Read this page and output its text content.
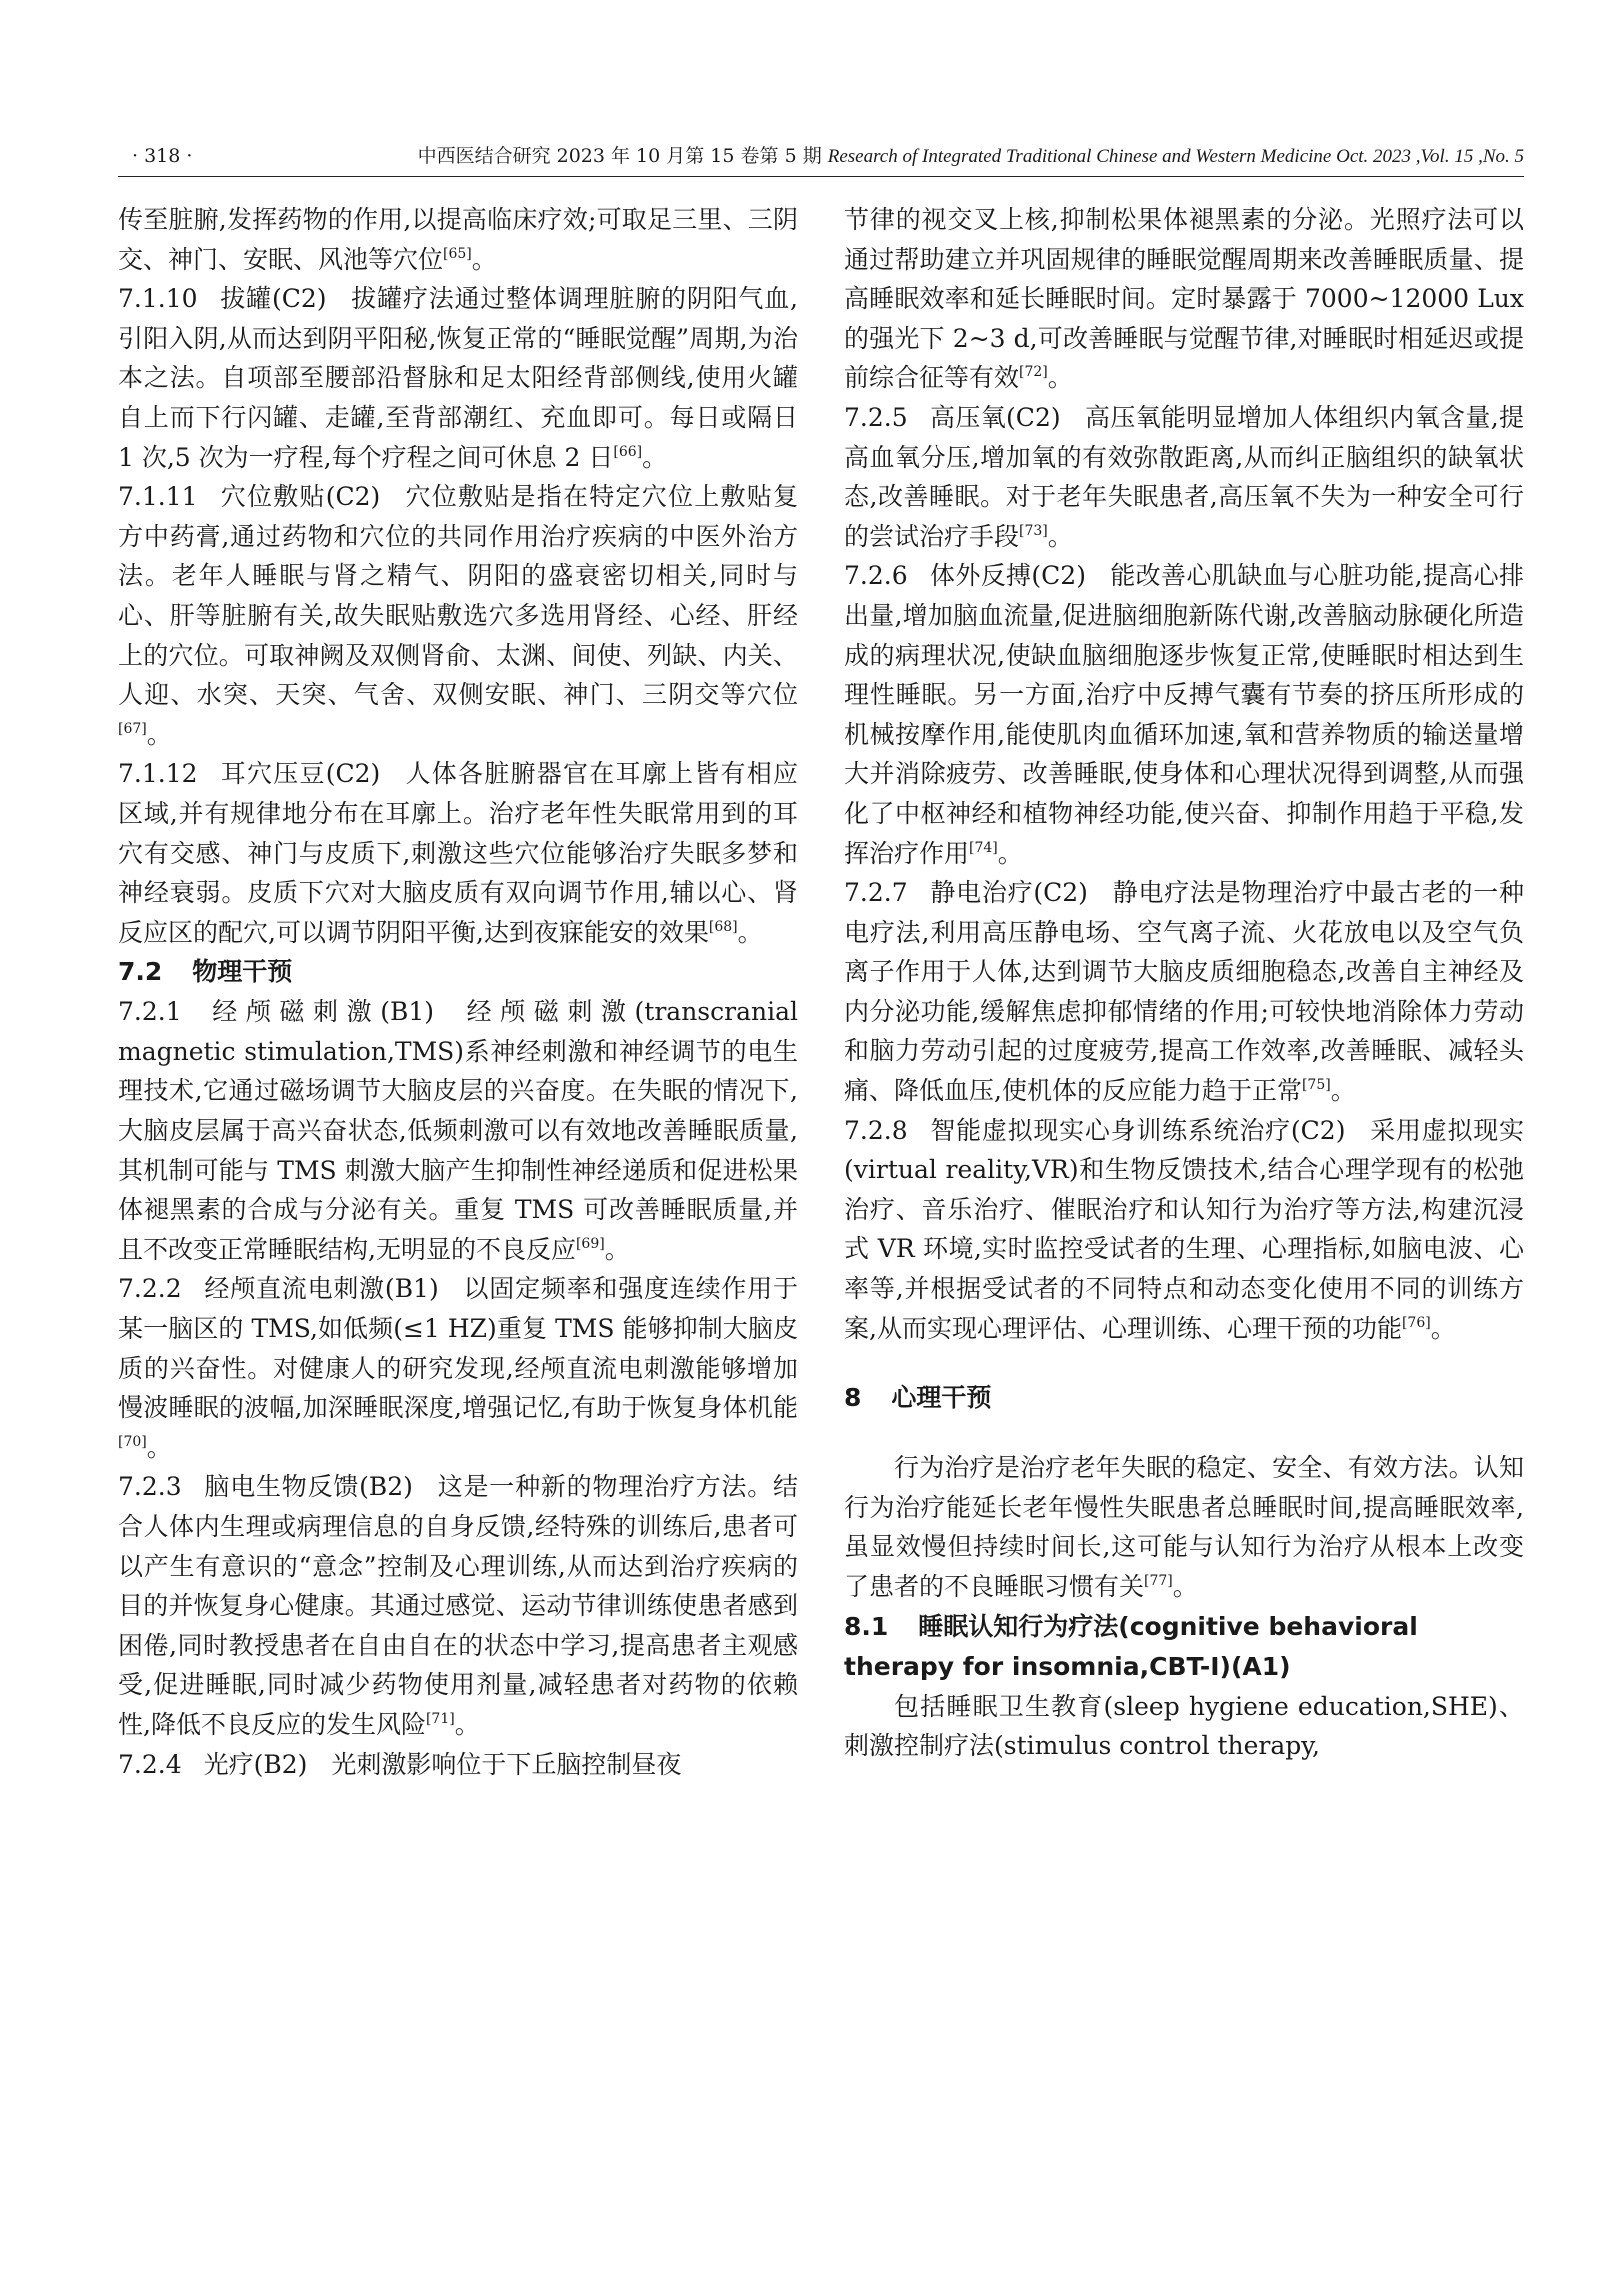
· 318 ·	中西医结合研究 2023 年 10 月第 15 卷第 5 期 Research of Integrated Traditional Chinese and Western Medicine Oct. 2023 ,Vol. 15 ,No. 5

传至脏腑,发挥药物的作用,以提高临床疗效;可取足三里、三阴交、神门、安眠、风池等穴位[65]。

7.1.10 拔罐(C2) 拔罐疗法通过整体调理脏腑的阴阳气血,引阳入阴,从而达到阴平阳秘,恢复正常的“睡眠觉醒”周期,为治本之法。自项部至腰部沿督脉和足太阳经背部侧线,使用火罐自上而下行闪罐、走罐,至背部潮红、充血即可。每日或隔日 1 次,5 次为一疗程,每个疗程之间可休息 2 日[66]。

7.1.11 穴位敷贴(C2) 穴位敷贴是指在特定穴位上敷贴复方中药膏,通过药物和穴位的共同作用治疗疾病的中医外治方法。老年人睡眠与肾之精气、阴阳的盛衰密切相关,同时与心、肝等脏腑有关,故失眠贴敷选穴多选用肾经、心经、肝经上的穴位。可取神阙及双侧肾俞、太渊、间使、列缺、内关、人迎、水突、天突、气舍、双侧安眠、神门、三阴交等穴位[67]。

7.1.12 耳穴压豆(C2) 人体各脏腑器官在耳廓上皆有相应区域,并有规律地分布在耳廓上。治疗老年性失眠常用到的耳穴有交感、神门与皮质下,刺激这些穴位能够治疗失眠多梦和神经衰弱。皮质下穴对大脑皮质有双向调节作用,辅以心、肾反应区的配穴,可以调节阴阳平衡,达到夜寐能安的效果[68]。

7.2 物理干预

7.2.1 经颅磁刺激(B1) 经颅磁刺激(transcranial magnetic stimulation,TMS)系神经刺激和神经调节的电生理技术,它通过磁场调节大脑皮层的兴奋度。在失眠的情况下,大脑皮层属于高兴奋状态,低频刺激可以有效地改善睡眠质量,其机制可能与 TMS 刺激大脑产生抑制性神经递质和促进松果体褪黑素的合成与分泌有关。重复 TMS 可改善睡眠质量,并且不改变正常睡眠结构,无明显的不良反应[69]。

7.2.2 经颅直流电刺激(B1) 以固定频率和强度连续作用于某一脑区的 TMS,如低频(≤1 HZ)重复 TMS 能够抑制大脑皮质的兴奋性。对健康人的研究发现,经颅直流电刺激能够增加慢波睡眠的波幅,加深睡眠深度,增强记忆,有助于恢复身体机能[70]。

7.2.3 脑电生物反馈(B2) 这是一种新的物理治疗方法。结合人体内生理或病理信息的自身反馈,经特殊的训练后,患者可以产生有意识的“意念”控制及心理训练,从而达到治疗疾病的目的并恢复身心健康。其通过感觉、运动节律训练使患者感到困倦,同时教授患者在自由自在的状态中学习,提高患者主观感受,促进睡眠,同时减少药物使用剂量,减轻患者对药物的依赖性,降低不良反应的发生风险[71]。

7.2.4 光疗(B2) 光刺激影响位于下丘脑控制昼夜

节律的视交叉上核,抑制松果体褪黑素的分泌。光照疗法可以通过帮助建立并巩固规律的睡眠觉醒周期来改善睡眠质量、提高睡眠效率和延长睡眠时间。定时暴露于 7000~12000 Lux 的强光下 2~3 d,可改善睡眠与觉醒节律,对睡眠时相延迟或提前综合征等有效[72]。

7.2.5 高压氧(C2) 高压氧能明显增加人体组织内氧含量,提高血氧分压,增加氧的有效弥散距离,从而纠正脑组织的缺氧状态,改善睡眠。对于老年失眠患者,高压氧不失为一种安全可行的尝试治疗手段[73]。

7.2.6 体外反搏(C2) 能改善心肌缺血与心脏功能,提高心排出量,增加脑血流量,促进脑细胞新陈代谢,改善脑动脉硬化所造成的病理状况,使缺血脑细胞逐步恢复正常,使睡眠时相达到生理性睡眠。另一方面,治疗中反搏气囊有节奏的挤压所形成的机械按摩作用,能使肌肉血循环加速,氧和营养物质的输送量增大并消除疲劳、改善睡眠,使身体和心理状况得到调整,从而强化了中枢神经和植物神经功能,使兴奋、抑制作用趋于平稳,发挥治疗作用[74]。

7.2.7 静电治疗(C2) 静电疗法是物理治疗中最古老的一种电疗法,利用高压静电场、空气离子流、火花放电以及空气负离子作用于人体,达到调节大脑皮质细胞稳态,改善自主神经及内分泌功能,缓解焦虑抑郁情绪的作用;可较快地消除体力劳动和脑力劳动引起的过度疲劳,提高工作效率,改善睡眠、减轻头痛、降低血压,使机体的反应能力趋于正常[75]。

7.2.8 智能虚拟现实心身训练系统治疗(C2) 采用虚拟现实(virtual reality,VR)和生物反馈技术,结合心理学现有的松弛治疗、音乐治疗、催眠治疗和认知行为治疗等方法,构建沉浸式 VR 环境,实时监控受试者的生理、心理指标,如脑电波、心率等,并根据受试者的不同特点和动态变化使用不同的训练方案,从而实现心理评估、心理训练、心理干预的功能[76]。

8 心理干预

行为治疗是治疗老年失眠的稳定、安全、有效方法。认知行为治疗能延长老年慢性失眠患者总睡眠时间,提高睡眠效率,虽显效慢但持续时间长,这可能与认知行为治疗从根本上改变了患者的不良睡眠习惯有关[77]。

8.1 睡眠认知行为疗法(cognitive behavioral therapy for insomnia,CBT-I)(A1)

包括睡眠卫生教育(sleep hygiene education,SHE)、刺激控制疗法(stimulus control therapy,
